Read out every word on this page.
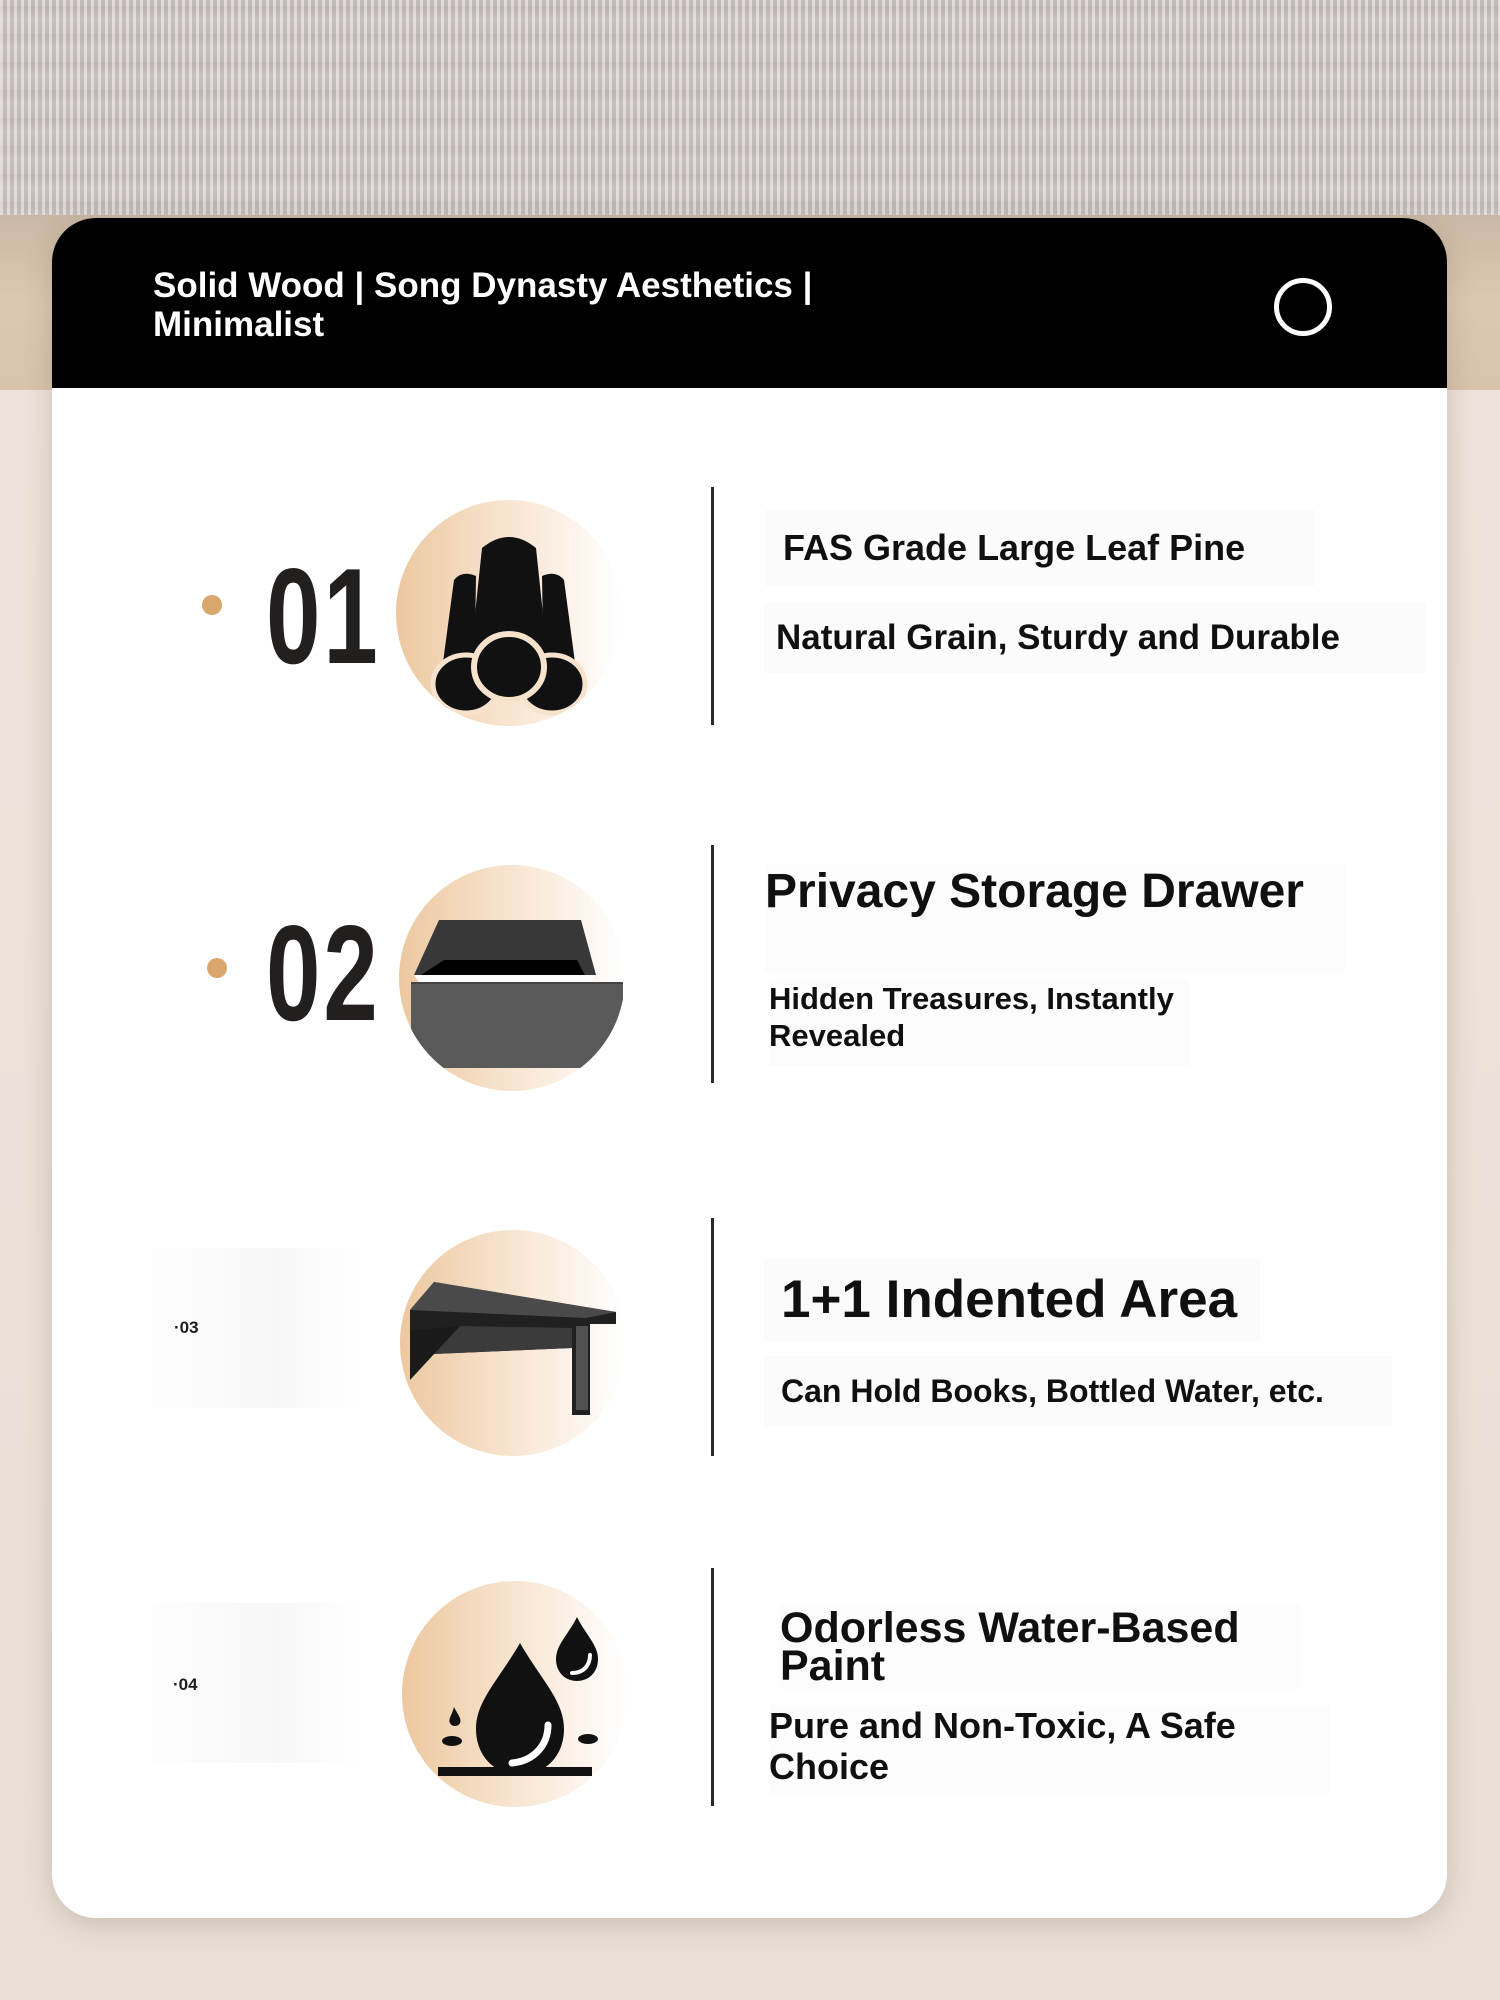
Solid Wood | Song Dynasty Aesthetics | Minimalist
01	FAS Grade Large Leaf Pine
Natural Grain, Sturdy and Durable
02
Privacy Storage Drawer
Hidden Treasures, Instantly Revealed
·03	1+1 Indented Area
Can Hold Books, Bottled Water, etc.
·04
Odorless Water-Based Paint
Pure and Non-Toxic, A Safe Choice
